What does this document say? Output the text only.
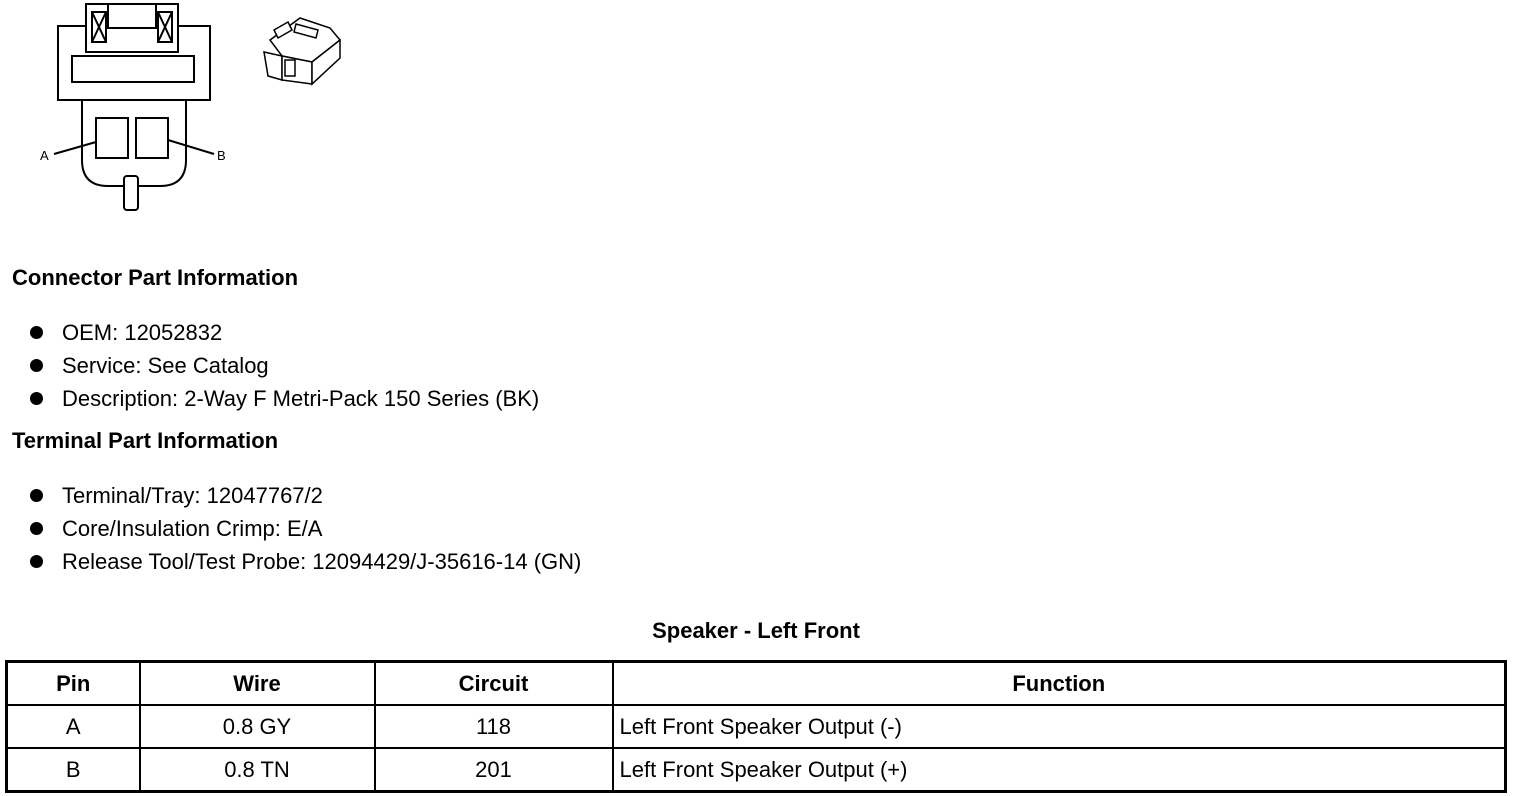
A	B
Connector Part Information
OEM: 12052832
Service: See Catalog
Description: 2-Way F Metri-Pack 150 Series (BK)
Terminal Part Information
Terminal/Tray: 12047767/2
Core/Insulation Crimp: E/A
Release Tool/Test Probe: 12094429/J-35616-14 (GN)
Speaker - Left Front
Pin	Wire	Circuit	Function
A	0.8 GY	118	Left Front Speaker Output (-)
B	0.8 TN	201	Left Front Speaker Output (+)
